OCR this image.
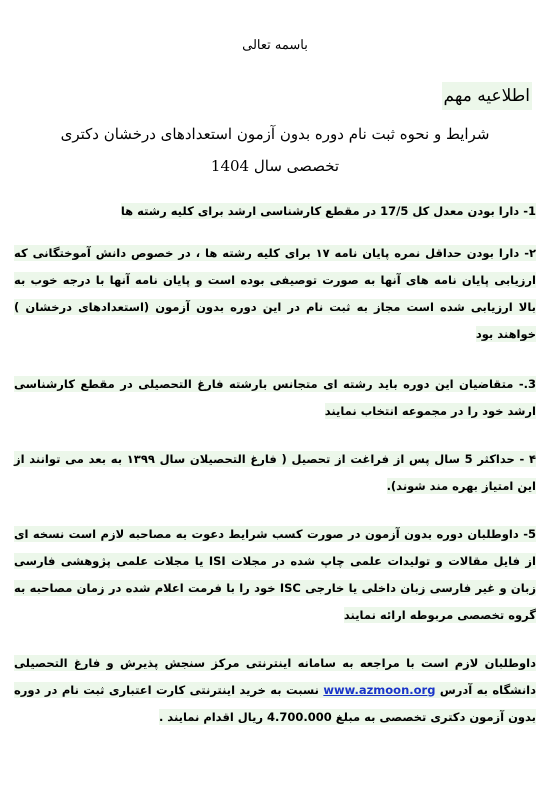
باسمه تعالی
اطلاعیه مهم
شرایط و نحوه ثبت نام دوره بدون آزمون استعدادهای درخشان دکتری
تخصصی سال 1404
1- دارا بودن معدل کل 17/5 در مقطع کارشناسی ارشد برای کلیه رشته ها
۲- دارا بودن حداقل نمره پایان نامه ۱۷ برای کلیه رشته ها ، در خصوص دانش آموختگانی که ارزیابی پایان نامه های آنها به صورت توصیفی بوده است و پایان نامه آنها با درجه خوب به بالا ارزیابی شده است مجاز به ثبت نام در این دوره بدون آزمون (استعدادهای درخشان ) خواهند بود
3.- متقاضیان این دوره باید رشته ای متجانس بارشته فارغ التحصیلی در مقطع کارشناسی ارشد خود را در مجموعه انتخاب نمایند
۴ - حداکثر 5 سال پس از فراغت از تحصیل ( فارغ التحصیلان سال ۱۳۹۹ به بعد می توانند از این امتیاز بهره مند شوند).
5- داوطلبان دوره بدون آزمون در صورت کسب شرایط دعوت به مصاحبه لازم است نسخه ای از فایل مقالات و تولیدات علمی چاپ شده در مجلات ISI یا مجلات علمی پژوهشی فارسی زبان و غیر فارسی زبان داخلی یا خارجی ISC خود را با فرمت اعلام شده در زمان مصاحبه به گروه تخصصی مربوطه ارائه نمایند
داوطلبان لازم است با مراجعه به سامانه اینترنتی مرکز سنجش پذیرش و فارغ التحصیلی دانشگاه به آدرس www.azmoon.org نسبت به خرید اینترنتی کارت اعتباری ثبت نام در دوره بدون آزمون دکتری تخصصی به مبلغ 4.700.000 ریال اقدام نمایند .
